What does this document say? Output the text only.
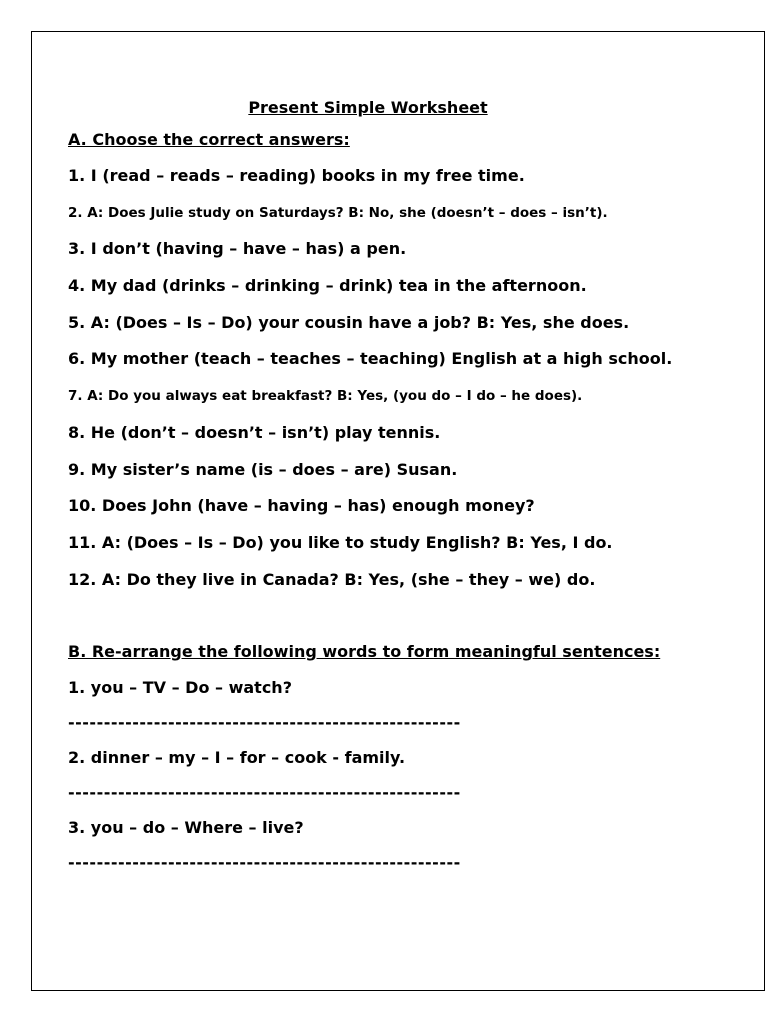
Present Simple Worksheet
A. Choose the correct answers:
1. I (read – reads – reading) books in my free time.
2. A: Does Julie study on Saturdays? B: No, she (doesn’t – does – isn’t).
3. I don’t (having – have – has) a pen.
4. My dad (drinks – drinking – drink) tea in the afternoon.
5. A: (Does – Is – Do) your cousin have a job? B: Yes, she does.
6. My mother (teach – teaches – teaching) English at a high school.
7. A: Do you always eat breakfast? B: Yes, (you do – I do – he does).
8. He (don’t – doesn’t – isn’t) play tennis.
9. My sister’s name (is – does – are) Susan.
10. Does John (have – having – has) enough money?
11. A: (Does – Is – Do) you like to study English? B: Yes, I do.
12. A: Do they live in Canada? B: Yes, (she – they – we) do.
B. Re-arrange the following words to form meaningful sentences:
1. you – TV – Do – watch?
-------------------------------------------------------
2. dinner – my – I – for – cook - family.
-------------------------------------------------------
3. you – do – Where – live?
-------------------------------------------------------
